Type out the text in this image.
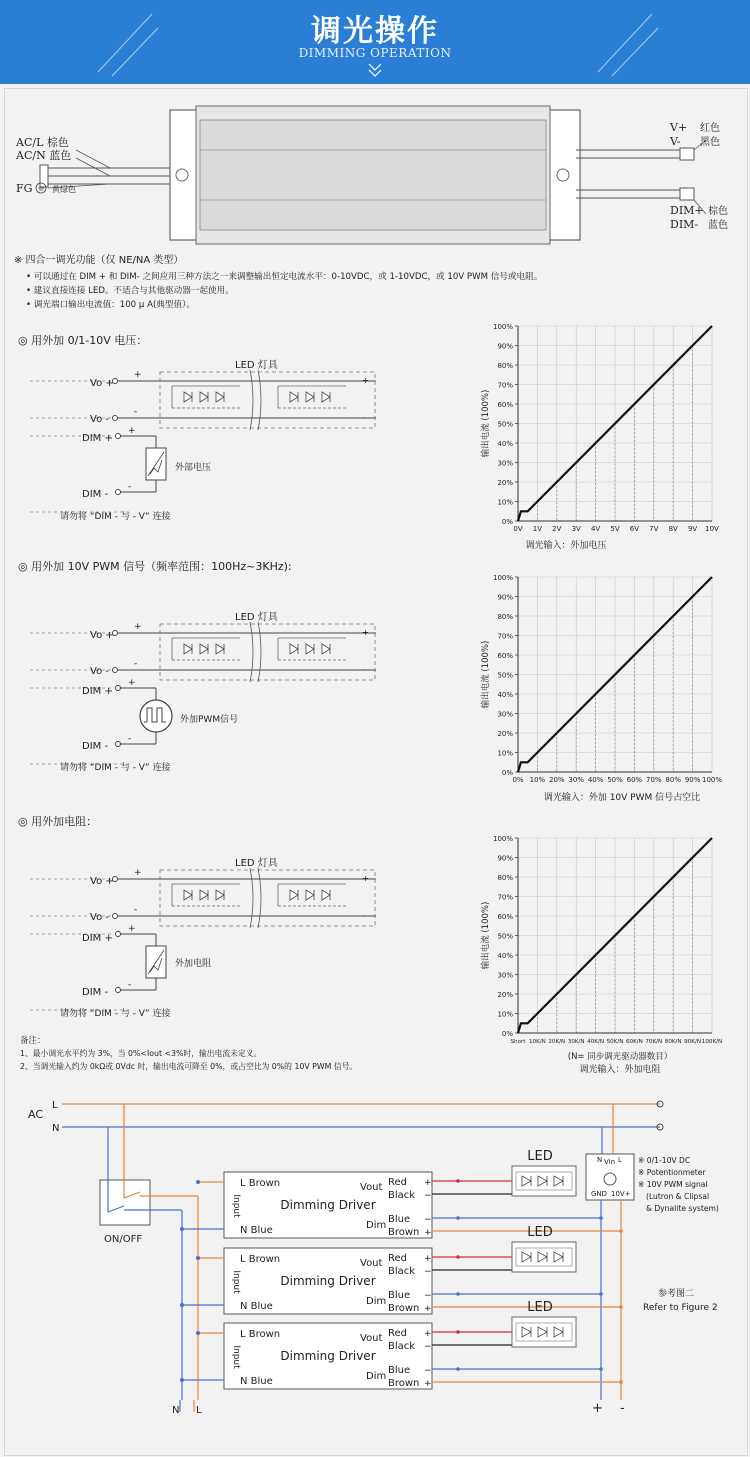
调光操作
DIMMING OPERATION
AC/L 棕色
AC/N 蓝色
FG 黄绿色
V+ 红色
V- 黑色
DIM+ 棕色
DIM- 蓝色
※ 四合一调光功能（仅 NE/NA 类型）
• 可以通过在 DIM + 和 DIM- 之间应用三种方法之一来调整输出恒定电流水平：0-10VDC，或 1-10VDC，或 10V PWM 信号或电阻。
• 建议直接连接 LED。不适合与其他驱动器一起使用。
• 调光端口输出电流值：100 μ A(典型值）。
+
-
+
-
+
-
+
-
+
-
+
-
+
-
+
-
+
-
◎ 用外加 0/1-10V 电压：
◎ 用外加 10V PWM 信号（频率范围：100Hz~3KHz):
◎ 用外加电阻：
LED 灯具
Vo +
Vo -
DIM +
DIM -
外部电压
请勿将 “DIM - 与 - V” 连接
LED 灯具
Vo +
Vo -
DIM +
DIM -
外加PWM信号
请勿将 “DIM - 与 - V” 连接
LED 灯具
Vo +
Vo -
DIM +
DIM -
外加电阻
请勿将 “DIM - 与 - V” 连接
0%
10%
20%
30%
40%
50%
60%
70%
80%
90%
100%
0V 1V 2V 3V 4V 5V 6V 7V 8V 9V 10V
输出电流 (100%)
0%
10%
20%
30%
40%
50%
60%
70%
80%
90%
100%
0% 10% 20% 30% 40% 50% 60% 70% 80% 90% 100%
输出电流 (100%)
0%
10%
20%
30%
40%
50%
60%
70%
80%
90%
100%
Short 10K/N 20K/N 30K/N 40K/N 50K/N 60K/N 70K/N 80K/N 90K/N 100K/N
输出电流 (100%)
调光输入：外加电压
调光输入：外加 10V PWM 信号占空比
(N= 同步调光驱动器数目）
调光输入：外加电阻
备注：
1、最小调光水平约为 3%，当 0%<Iout <3%时，输出电流未定义。
2、当调光输入约为 0kΩ或 0Vdc 时，输出电流可降至 0%，或占空比为 0%的 10V PWM 信号。
L Brown
N Blue
Input	Dimming Driver
Vout
Dim
Red
Black
Blue
Brown
+
−
−
+
LED
L Brown
N Blue
Input	Dimming Driver
Vout
Dim
Red
Black
Blue
Brown
+
−
−
+
LED
L Brown
N Blue
Input	Dimming Driver
Vout
Dim
Red
Black
Blue
Brown
+
−
−
+
LED
AC
L
N
ON/OFF
Vin
N L
GND 10V+
※ 0/1-10V DC
※ Potentionmeter
※ 10V PWM signal
(Lutron & Clipsal
& Dynalite system)
参考图二
Refer to Figure 2
N L	+ -
